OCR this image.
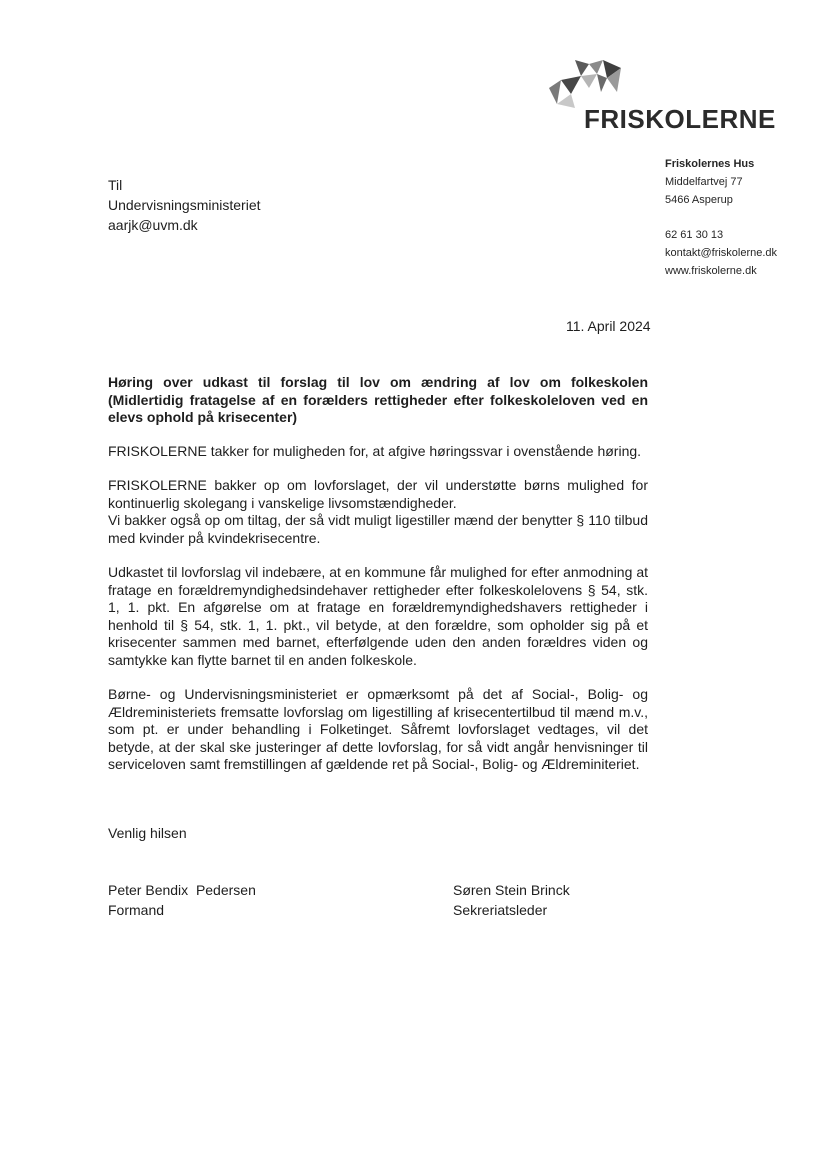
FRISKOLERNE
Friskolernes Hus
Middelfartvej 77
5466 Asperup
62 61 30 13
kontakt@friskolerne.dk
www.friskolerne.dk
Til
Undervisningsministeriet
aarjk@uvm.dk
11. April 2024

Høring over udkast til forslag til lov om ændring af lov om folkeskolen (Midlertidig fratagelse af en forælders rettigheder efter folkeskoleloven ved en elevs ophold på krisecenter)

FRISKOLERNE takker for muligheden for, at afgive høringssvar i ovenstående høring.

FRISKOLERNE bakker op om lovforslaget, der vil understøtte børns mulighed for kontinuerlig skolegang i vanskelige livsomstændigheder.
Vi bakker også op om tiltag, der så vidt muligt ligestiller mænd der benytter § 110 tilbud med kvinder på kvindekrisecentre.

Udkastet til lovforslag vil indebære, at en kommune får mulighed for efter anmodning at fratage en forældremyndighedsindehaver rettigheder efter folkeskolelovens § 54, stk. 1, 1. pkt. En afgørelse om at fratage en forældremyndighedshavers rettigheder i henhold til § 54, stk. 1, 1. pkt., vil betyde, at den forældre, som opholder sig på et krisecenter sammen med barnet, efterfølgende uden den anden forældres viden og samtykke kan flytte barnet til en anden folkeskole.

Børne- og Undervisningsministeriet er opmærksomt på det af Social-, Bolig- og Ældreministeriets fremsatte lovforslag om ligestilling af krisecentertilbud til mænd m.v., som pt. er under behandling i Folketinget. Såfremt lovforslaget vedtages, vil det betyde, at der skal ske justeringer af dette lovforslag, for så vidt angår henvisninger til serviceloven samt fremstillingen af gældende ret på Social-, Bolig- og Ældreminiteriet.

Venlig hilsen
Peter Bendix  Pedersen
Formand
Søren Stein Brinck
Sekreriatsleder
